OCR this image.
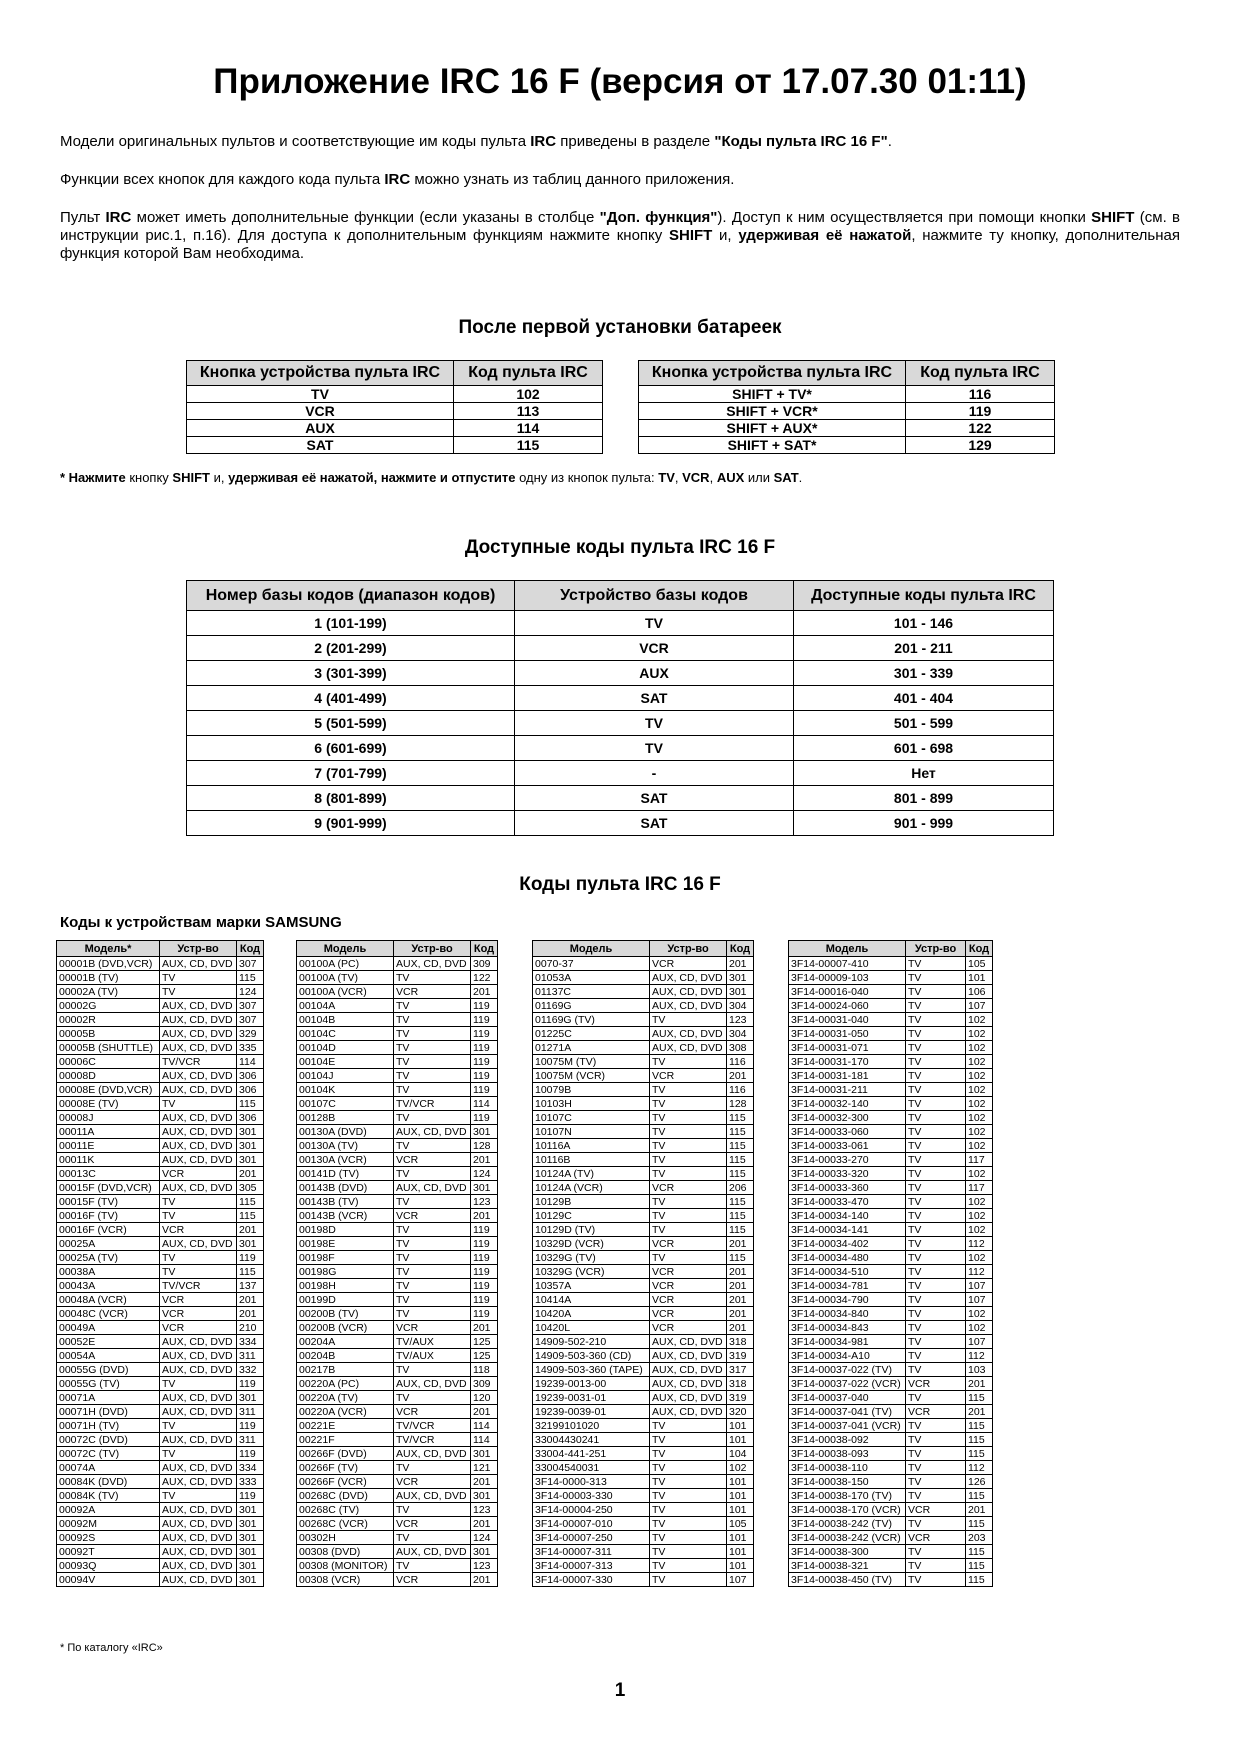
Приложение IRC 16 F (версия от 17.07.30 01:11)

Модели оригинальных пультов и соответствующие им коды пульта IRC приведены в разделе "Коды пульта IRC 16 F".

Функции всех кнопок для каждого кода пульта IRC можно узнать из таблиц данного приложения.

Пульт IRC может иметь дополнительные функции (если указаны в столбце "Доп. функция"). Доступ к ним осуществляется при помощи кнопки SHIFT (см. в инструкции рис.1, п.16). Для доступа к дополнительным функциям нажмите кнопку SHIFT и, удерживая её нажатой, нажмите ту кнопку, дополнительная функция которой Вам необходима.

После первой установки батареек
Кнопка устройства пульта IRC	Код пульта IRC
TV	102
VCR	113
AUX	114
SAT	115
Кнопка устройства пульта IRC	Код пульта IRC
SHIFT + TV*	116
SHIFT + VCR*	119
SHIFT + AUX*	122
SHIFT + SAT*	129
* Нажмите кнопку SHIFT и, удерживая её нажатой, нажмите и отпустите одну из кнопок пульта: TV, VCR, AUX или SAT.
Доступные коды пульта IRC 16 F
Номер базы кодов (диапазон кодов)	Устройство базы кодов	Доступные коды пульта IRC
1 (101-199)	TV	101 - 146
2 (201-299)	VCR	201 - 211
3 (301-399)	AUX	301 - 339
4 (401-499)	SAT	401 - 404
5 (501-599)	TV	501 - 599
6 (601-699)	TV	601 - 698
7 (701-799)	-	Нет
8 (801-899)	SAT	801 - 899
9 (901-999)	SAT	901 - 999
Коды пульта IRC 16 F
Коды к устройствам марки SAMSUNG
Модель*	Устр-во	Код
00001B (DVD,VCR)	AUX, CD, DVD	307
00001B (TV)	TV	115
00002A (TV)	TV	124
00002G	AUX, CD, DVD	307
00002R	AUX, CD, DVD	307
00005B	AUX, CD, DVD	329
00005B (SHUTTLE)	AUX, CD, DVD	335
00006C	TV/VCR	114
00008D	AUX, CD, DVD	306
00008E (DVD,VCR)	AUX, CD, DVD	306
00008E (TV)	TV	115
00008J	AUX, CD, DVD	306
00011A	AUX, CD, DVD	301
00011E	AUX, CD, DVD	301
00011K	AUX, CD, DVD	301
00013C	VCR	201
00015F (DVD,VCR)	AUX, CD, DVD	305
00015F (TV)	TV	115
00016F (TV)	TV	115
00016F (VCR)	VCR	201
00025A	AUX, CD, DVD	301
00025A (TV)	TV	119
00038A	TV	115
00043A	TV/VCR	137
00048A (VCR)	VCR	201
00048C (VCR)	VCR	201
00049A	VCR	210
00052E	AUX, CD, DVD	334
00054A	AUX, CD, DVD	311
00055G (DVD)	AUX, CD, DVD	332
00055G (TV)	TV	119
00071A	AUX, CD, DVD	301
00071H (DVD)	AUX, CD, DVD	311
00071H (TV)	TV	119
00072C (DVD)	AUX, CD, DVD	311
00072C (TV)	TV	119
00074A	AUX, CD, DVD	334
00084K (DVD)	AUX, CD, DVD	333
00084K (TV)	TV	119
00092A	AUX, CD, DVD	301
00092M	AUX, CD, DVD	301
00092S	AUX, CD, DVD	301
00092T	AUX, CD, DVD	301
00093Q	AUX, CD, DVD	301
00094V	AUX, CD, DVD	301
Модель	Устр-во	Код
00100A (PC)	AUX, CD, DVD	309
00100A (TV)	TV	122
00100A (VCR)	VCR	201
00104A	TV	119
00104B	TV	119
00104C	TV	119
00104D	TV	119
00104E	TV	119
00104J	TV	119
00104K	TV	119
00107C	TV/VCR	114
00128B	TV	119
00130A (DVD)	AUX, CD, DVD	301
00130A (TV)	TV	128
00130A (VCR)	VCR	201
00141D (TV)	TV	124
00143B (DVD)	AUX, CD, DVD	301
00143B (TV)	TV	123
00143B (VCR)	VCR	201
00198D	TV	119
00198E	TV	119
00198F	TV	119
00198G	TV	119
00198H	TV	119
00199D	TV	119
00200B (TV)	TV	119
00200B (VCR)	VCR	201
00204A	TV/AUX	125
00204B	TV/AUX	125
00217B	TV	118
00220A (PC)	AUX, CD, DVD	309
00220A (TV)	TV	120
00220A (VCR)	VCR	201
00221E	TV/VCR	114
00221F	TV/VCR	114
00266F (DVD)	AUX, CD, DVD	301
00266F (TV)	TV	121
00266F (VCR)	VCR	201
00268C (DVD)	AUX, CD, DVD	301
00268C (TV)	TV	123
00268C (VCR)	VCR	201
00302H	TV	124
00308 (DVD)	AUX, CD, DVD	301
00308 (MONITOR)	TV	123
00308 (VCR)	VCR	201
Модель	Устр-во	Код
0070-37	VCR	201
01053A	AUX, CD, DVD	301
01137C	AUX, CD, DVD	301
01169G	AUX, CD, DVD	304
01169G (TV)	TV	123
01225C	AUX, CD, DVD	304
01271A	AUX, CD, DVD	308
10075M (TV)	TV	116
10075M (VCR)	VCR	201
10079B	TV	116
10103H	TV	128
10107C	TV	115
10107N	TV	115
10116A	TV	115
10116B	TV	115
10124A (TV)	TV	115
10124A (VCR)	VCR	206
10129B	TV	115
10129C	TV	115
10129D (TV)	TV	115
10329D (VCR)	VCR	201
10329G (TV)	TV	115
10329G (VCR)	VCR	201
10357A	VCR	201
10414A	VCR	201
10420A	VCR	201
10420L	VCR	201
14909-502-210	AUX, CD, DVD	318
14909-503-360 (CD)	AUX, CD, DVD	319
14909-503-360 (TAPE)	AUX, CD, DVD	317
19239-0013-00	AUX, CD, DVD	318
19239-0031-01	AUX, CD, DVD	319
19239-0039-01	AUX, CD, DVD	320
32199101020	TV	101
33004430241	TV	101
33004-441-251	TV	104
33004540031	TV	102
3F14-0000-313	TV	101
3F14-00003-330	TV	101
3F14-00004-250	TV	101
3F14-00007-010	TV	105
3F14-00007-250	TV	101
3F14-00007-311	TV	101
3F14-00007-313	TV	101
3F14-00007-330	TV	107
Модель	Устр-во	Код
3F14-00007-410	TV	105
3F14-00009-103	TV	101
3F14-00016-040	TV	106
3F14-00024-060	TV	107
3F14-00031-040	TV	102
3F14-00031-050	TV	102
3F14-00031-071	TV	102
3F14-00031-170	TV	102
3F14-00031-181	TV	102
3F14-00031-211	TV	102
3F14-00032-140	TV	102
3F14-00032-300	TV	102
3F14-00033-060	TV	102
3F14-00033-061	TV	102
3F14-00033-270	TV	117
3F14-00033-320	TV	102
3F14-00033-360	TV	117
3F14-00033-470	TV	102
3F14-00034-140	TV	102
3F14-00034-141	TV	102
3F14-00034-402	TV	112
3F14-00034-480	TV	102
3F14-00034-510	TV	112
3F14-00034-781	TV	107
3F14-00034-790	TV	107
3F14-00034-840	TV	102
3F14-00034-843	TV	102
3F14-00034-981	TV	107
3F14-00034-A10	TV	112
3F14-00037-022 (TV)	TV	103
3F14-00037-022 (VCR)	VCR	201
3F14-00037-040	TV	115
3F14-00037-041 (TV)	VCR	201
3F14-00037-041 (VCR)	TV	115
3F14-00038-092	TV	115
3F14-00038-093	TV	115
3F14-00038-110	TV	112
3F14-00038-150	TV	126
3F14-00038-170 (TV)	TV	115
3F14-00038-170 (VCR)	VCR	201
3F14-00038-242 (TV)	TV	115
3F14-00038-242 (VCR)	VCR	203
3F14-00038-300	TV	115
3F14-00038-321	TV	115
3F14-00038-450 (TV)	TV	115
* По каталогу «IRC»
1
